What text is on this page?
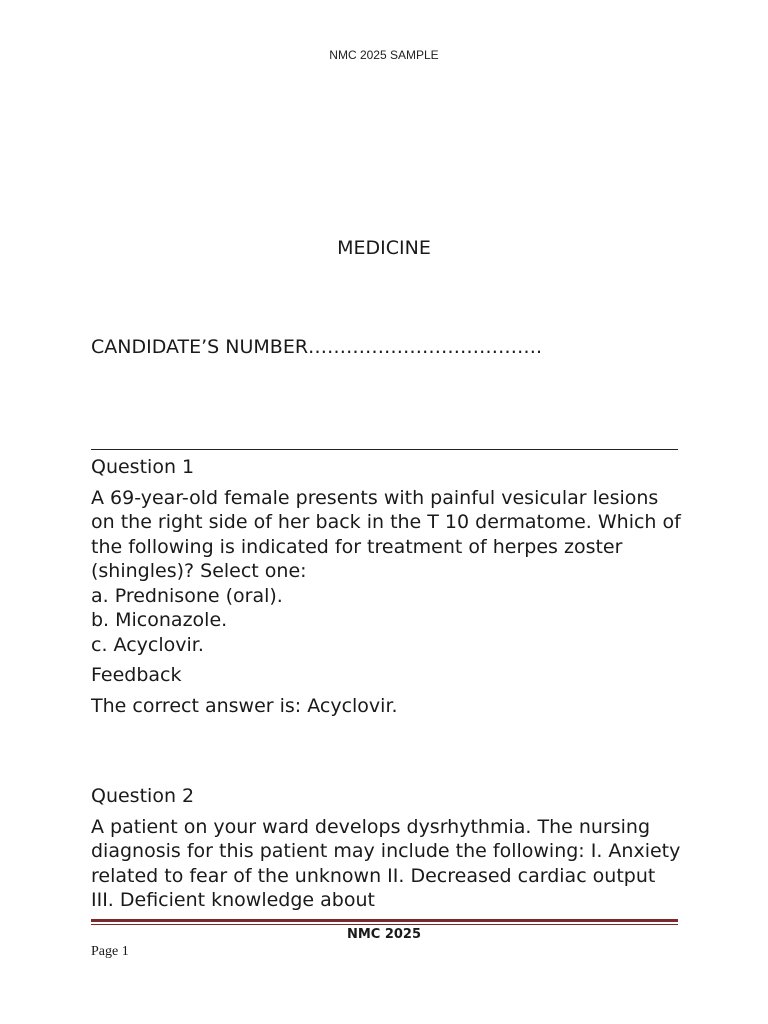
NMC 2025 SAMPLE
MEDICINE
CANDIDATE’S NUMBER……………………………….

Question 1

A 69-year-old female presents with painful vesicular lesions on the right side of her back in the T 10 dermatome. Which of the following is indicated for treatment of herpes zoster (shingles)? Select one:

a. Prednisone (oral).

b. Miconazole.

c. Acyclovir.

Feedback

The correct answer is: Acyclovir.

Question 2

A patient on your ward develops dysrhythmia. The nursing diagnosis for this patient may include the following: I. Anxiety related to fear of the unknown II. Decreased cardiac output III. Deficient knowledge about

NMC 2025
Page 1
